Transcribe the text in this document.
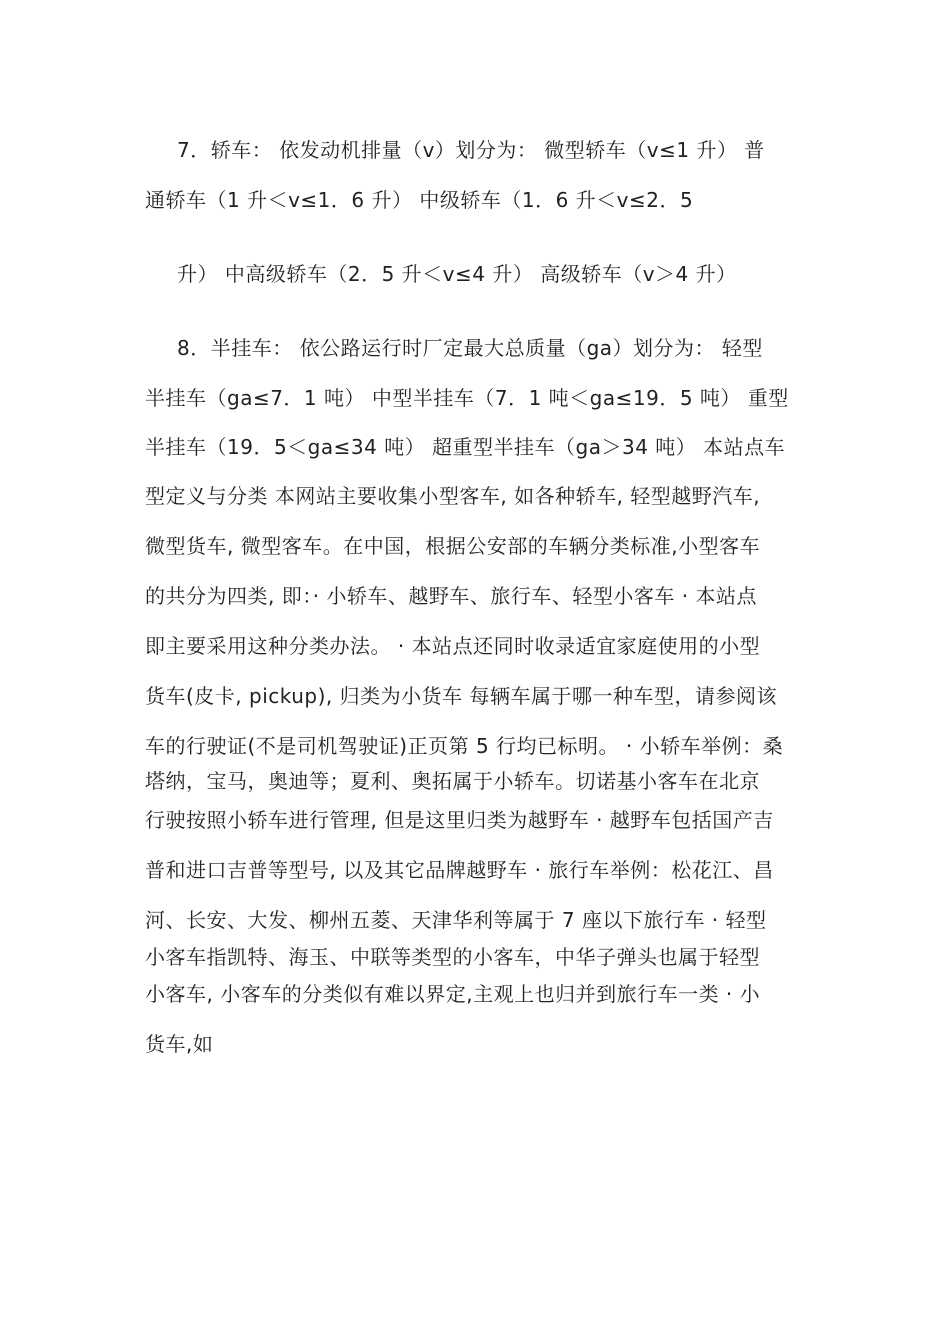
7．轿车： 依发动机排量（v）划分为： 微型轿车（v≤1 升） 普
通轿车（1 升＜v≤1．6 升） 中级轿车（1．6 升＜v≤2．5
升） 中高级轿车（2．5 升＜v≤4 升） 高级轿车（v＞4 升）
8．半挂车： 依公路运行时厂定最大总质量（ga）划分为： 轻型
半挂车（ga≤7．1 吨） 中型半挂车（7．1 吨＜ga≤19．5 吨） 重型
半挂车（19．5＜ga≤34 吨） 超重型半挂车（ga＞34 吨） 本站点车
型定义与分类 本网站主要收集小型客车, 如各种轿车, 轻型越野汽车,
微型货车, 微型客车。在中国，根据公安部的车辆分类标准,小型客车
的共分为四类, 即：· 小轿车、越野车、旅行车、轻型小客车 · 本站点
即主要采用这种分类办法。 · 本站点还同时收录适宜家庭使用的小型
货车(皮卡, pickup), 归类为小货车 每辆车属于哪一种车型，请参阅该
车的行驶证(不是司机驾驶证)正页第 5 行均已标明。 · 小轿车举例：桑
塔纳，宝马，奥迪等；夏利、奥拓属于小轿车。切诺基小客车在北京
行驶按照小轿车进行管理, 但是这里归类为越野车 · 越野车包括国产吉
普和进口吉普等型号, 以及其它品牌越野车 · 旅行车举例：松花江、昌
河、长安、大发、柳州五菱、天津华利等属于 7 座以下旅行车 · 轻型
小客车指凯特、海玉、中联等类型的小客车，中华子弹头也属于轻型
小客车, 小客车的分类似有难以界定,主观上也归并到旅行车一类 · 小
货车,如
